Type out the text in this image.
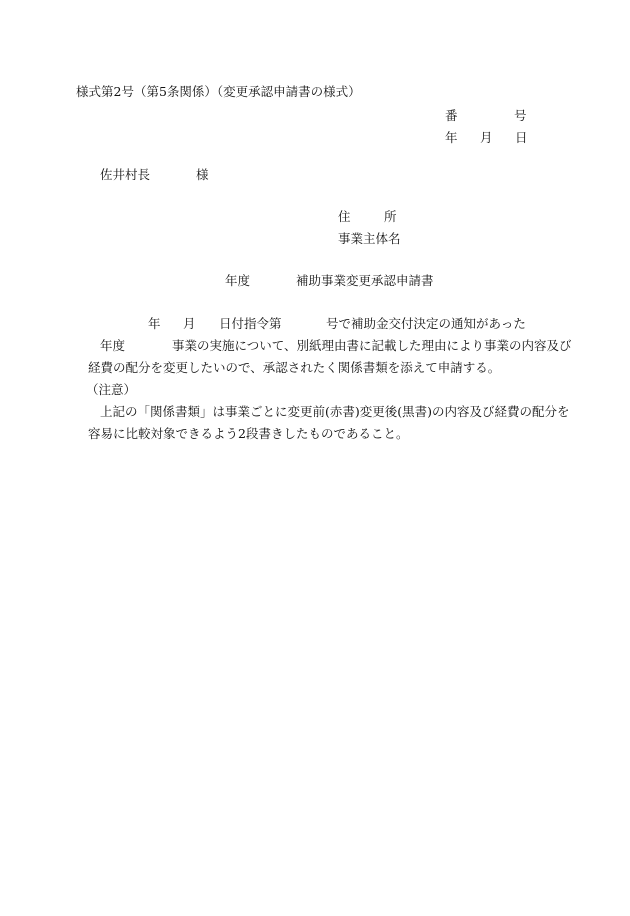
様式第2号（第5条関係）（変更承認申請書の様式）
番	号
年 月 日
佐井村長	様
住	所
事業主体名
年度	補助事業変更承認申請書
年 月 日付指令第	号で補助金交付決定の通知があった
年度	事業の実施について、別紙理由書に記載した理由により事業の内容及び
経費の配分を変更したいので、承認されたく関係書類を添えて申請する。
（注意）
上記の「関係書類」は事業ごとに変更前(赤書)変更後(黒書)の内容及び経費の配分を
容易に比較対象できるよう2段書きしたものであること。
